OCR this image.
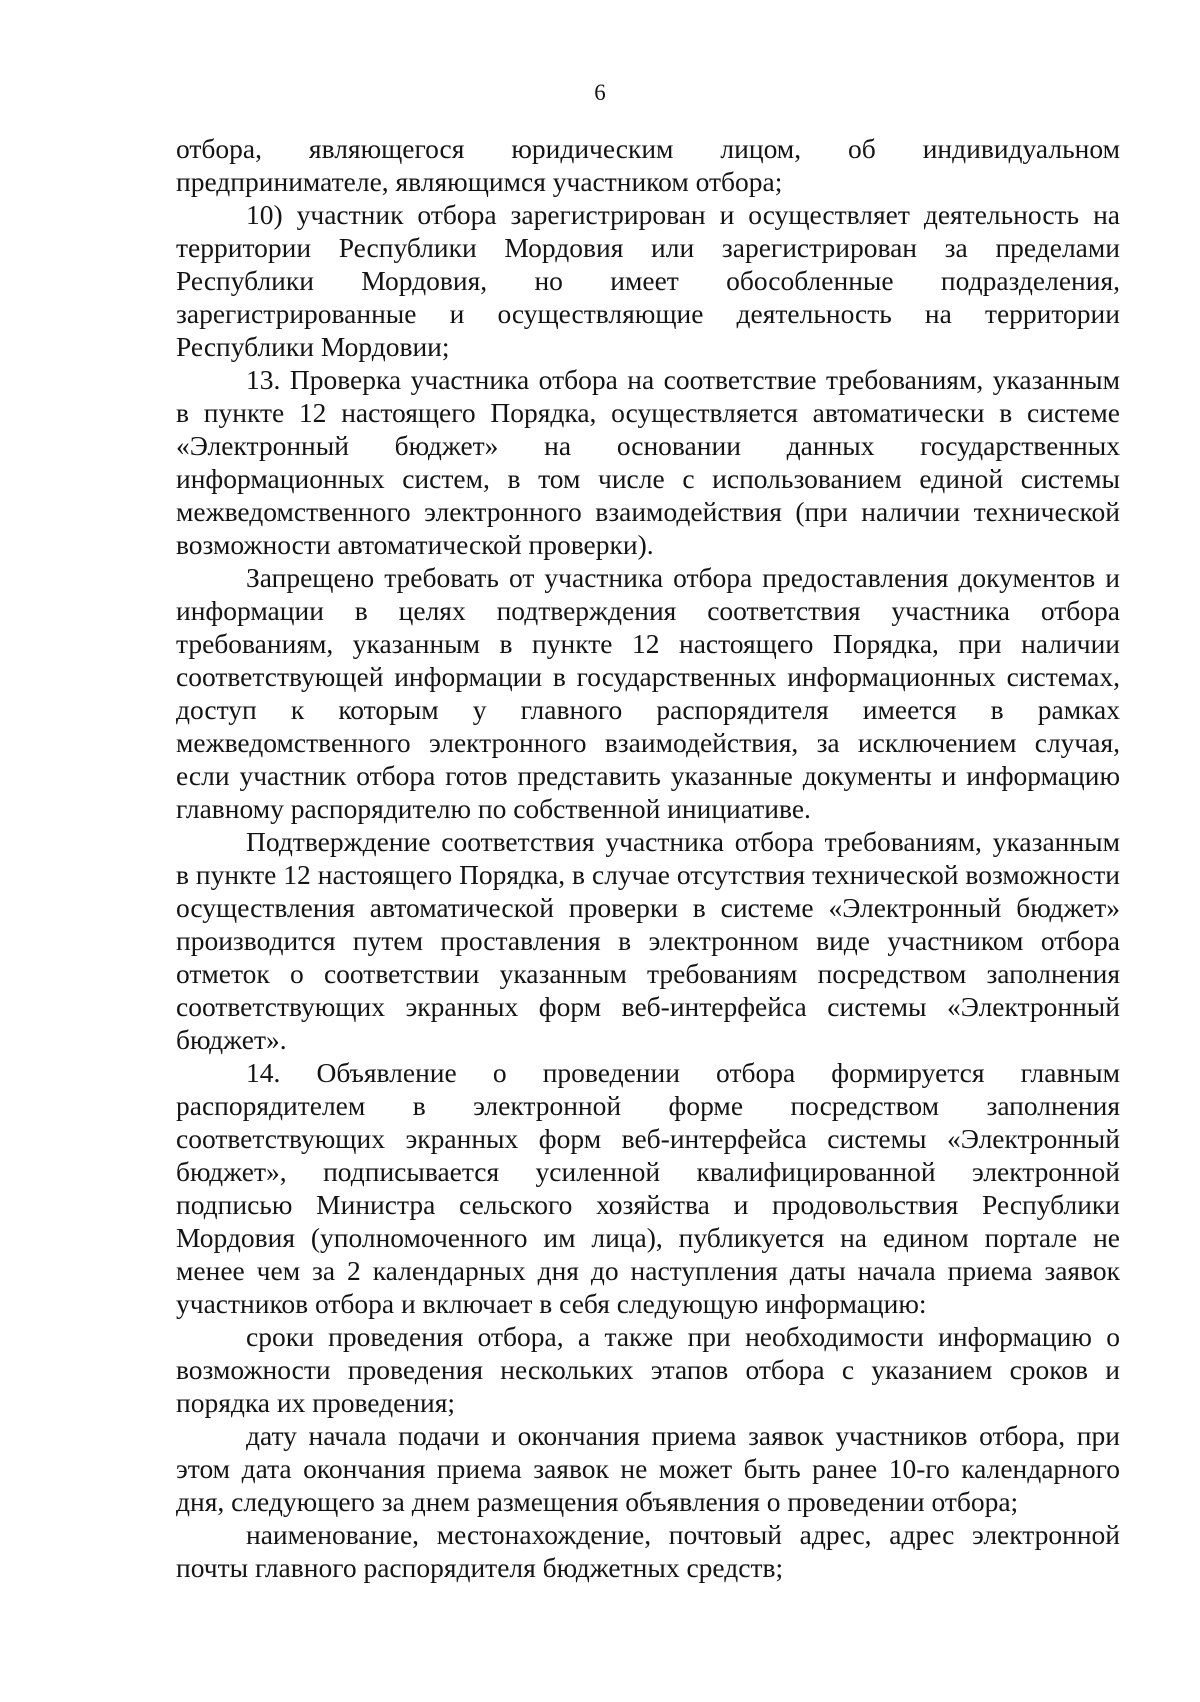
6

отбора, являющегося юридическим лицом, об индивидуальном предпринимателе, являющимся участником отбора;

10) участник отбора зарегистрирован и осуществляет деятельность на территории Республики Мордовия или зарегистрирован за пределами Республики Мордовия, но имеет обособленные подразделения, зарегистрированные и осуществляющие деятельность на территории Республики Мордовии;

13. Проверка участника отбора на соответствие требованиям, указанным в пункте 12 настоящего Порядка, осуществляется автоматически в системе «Электронный бюджет» на основании данных государственных информационных систем, в том числе с использованием единой системы межведомственного электронного взаимодействия (при наличии технической возможности автоматической проверки).

Запрещено требовать от участника отбора предоставления документов и информации в целях подтверждения соответствия участника отбора требованиям, указанным в пункте 12 настоящего Порядка, при наличии соответствующей информации в государственных информационных системах, доступ к которым у главного распорядителя имеется в рамках межведомственного электронного взаимодействия, за исключением случая, если участник отбора готов представить указанные документы и информацию главному распорядителю по собственной инициативе.

Подтверждение соответствия участника отбора требованиям, указанным в пункте 12 настоящего Порядка, в случае отсутствия технической возможности осуществления автоматической проверки в системе «Электронный бюджет» производится путем проставления в электронном виде участником отбора отметок о соответствии указанным требованиям посредством заполнения соответствующих экранных форм веб-интерфейса системы «Электронный бюджет».

14. Объявление о проведении отбора формируется главным распорядителем в электронной форме посредством заполнения соответствующих экранных форм веб-интерфейса системы «Электронный бюджет», подписывается усиленной квалифицированной электронной подписью Министра сельского хозяйства и продовольствия Республики Мордовия (уполномоченного им лица), публикуется на едином портале не менее чем за 2 календарных дня до наступления даты начала приема заявок участников отбора и включает в себя следующую информацию:

сроки проведения отбора, а также при необходимости информацию о возможности проведения нескольких этапов отбора с указанием сроков и порядка их проведения;

дату начала подачи и окончания приема заявок участников отбора, при этом дата окончания приема заявок не может быть ранее 10-го календарного дня, следующего за днем размещения объявления о проведении отбора;

наименование, местонахождение, почтовый адрес, адрес электронной почты главного распорядителя бюджетных средств;
